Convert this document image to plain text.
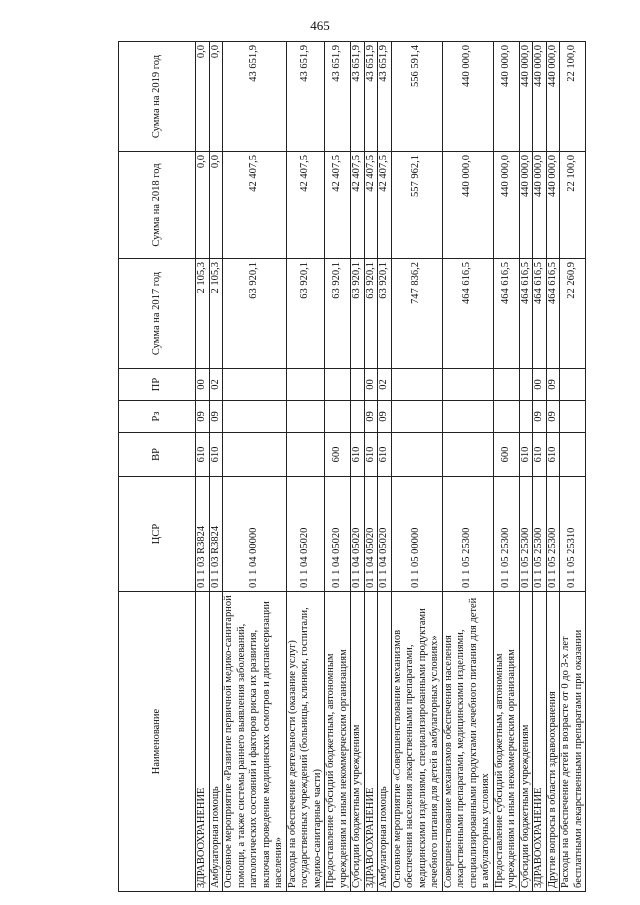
465
Наименование	ЦСР	ВР	Рз	ПР	Сумма на 2017 год	Сумма на 2018 год	Сумма на 2019 год
ЗДРАВООХРАНЕНИЕ	01 1 03 R3824	610	09	00	2 105,3	0,0	0,0
Амбулаторная помощь	01 1 03 R3824	610	09	02	2 105,3	0,0	0,0
Основное мероприятие «Развитие первичной медико-санитарной помощи, а также системы раннего выявления заболеваний, патологических состояний и факторов риска их развития, включая проведение медицинских осмотров и диспансеризации населения»	01 1 04 00000				63 920,1	42 407,5	43 651,9
Расходы на обеспечение деятельности (оказание услуг) государственных учреждений (больницы, клиники, госпитали, медико-санитарные части)	01 1 04 05020				63 920,1	42 407,5	43 651,9
Предоставление субсидий бюджетным, автономным учреждениям и иным некоммерческим организациям	01 1 04 05020	600			63 920,1	42 407,5	43 651,9
Субсидии бюджетным учреждениям	01 1 04 05020	610			63 920,1	42 407,5	43 651,9
ЗДРАВООХРАНЕНИЕ	01 1 04 05020	610	09	00	63 920,1	42 407,5	43 651,9
Амбулаторная помощь	01 1 04 05020	610	09	02	63 920,1	42 407,5	43 651,9
Основное мероприятие «Совершенствование механизмов обеспечения населения лекарственными препаратами, медицинскими изделиями, специализированными продуктами лечебного питания для детей в амбулаторных условиях»	01 1 05 00000				747 836,2	557 962,1	556 591,4
Совершенствование механизмов обеспечения населения лекарственными препаратами, медицинскими изделиями, специализированными продуктами лечебного питания для детей в амбулаторных условиях	01 1 05 25300				464 616,5	440 000,0	440 000,0
Предоставление субсидий бюджетным, автономным учреждениям и иным некоммерческим организациям	01 1 05 25300	600			464 616,5	440 000,0	440 000,0
Субсидии бюджетным учреждениям	01 1 05 25300	610			464 616,5	440 000,0	440 000,0
ЗДРАВООХРАНЕНИЕ	01 1 05 25300	610	09	00	464 616,5	440 000,0	440 000,0
Другие вопросы в области здравоохранения	01 1 05 25300	610	09	09	464 616,5	440 000,0	440 000,0
Расходы на обеспечение детей в возрасте от 0 до 3-х лет бесплатными лекарственными препаратами при оказании	01 1 05 25310				22 260,9	22 100,0	22 100,0
